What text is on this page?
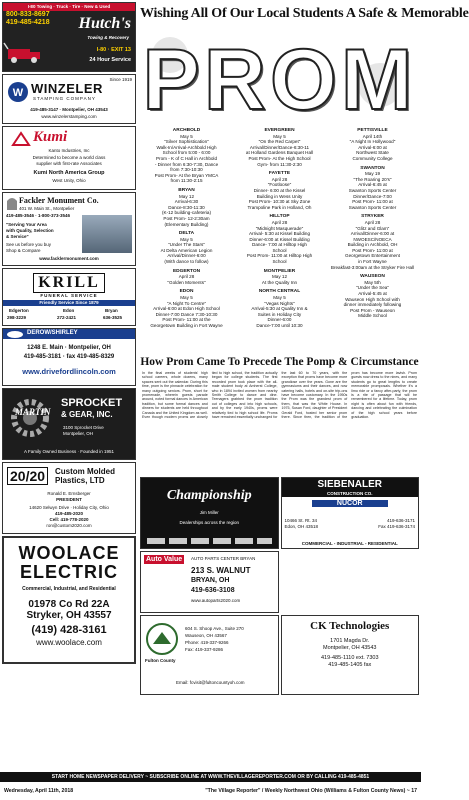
I-80 Towing · Truck · Tire · New & Used
800-833-8697
419-485-4218	Hutch's
Towing & Recovery
I-80 · EXIT 13
24 Hour Service
W WINZELER
STAMPING COMPANY
Since 1919
419-485-3147 · Montpelier, OH 43543
www.winzelerstamping.com
Kumi
Kanto Industries, Inc
Determined to become a world class
supplier with first-rate Associates
Kumi North America Group
West Unity, Ohio
Fackler Monument Co.
401 W. Main St., Montpelier
419-485-3546 · 1-800-373-3546
"Serving Your Area
with Quality, Selection
& Service"
See us before you buy
Shop & Compare
www.facklermonument.com
KRILL
FUNERAL SERVICE
Friendly Service Since 1879
Edgerton	Edon	Bryan
298-3229	272-2421	636-3525
DEROW/SHIRLEY
1248 E. Main · Montpelier, OH
419-485-3181 · fax 419-485-8329
www.drivefordlincoln.com
MARTIN
SPROCKET
& GEAR, INC.
3100 Sprocket Drive
Montpelier, OH
A Family Owned Business · Founded in 1951
20/20	Custom Molded
Plastics, LTD
Ronald E. Ernsberger
PRESIDENT
14620 Selwyn Drive · Holiday City, Ohio
419-485-2020
Cell: 419-778-2020
ron@custom2020.com
WOOLACE
ELECTRIC
Commercial, Industrial, and Residential
01978 Co Rd 22A
Stryker, OH 43557
(419) 428-3161
www.woolace.com
Wishing All Of Our Local Students A Safe & Memorable
PROM
ARCHBOLD
May 5
"Silver Sophistication"
Walk-In/Arrival-Archbold High
School from 5:00 - 6:00
Prom - K of C Hall in Archbold
- Dinner from 6:30-7:30, Dance
from 7:30-10:30
Post Prom- At the Bryan YMCA
from 11:30-2:15
BRYAN
May 12
Arrival-6:30
Dance-8:30-11:30
(K-12 building-cafeteria)
Post Prom- 12-2:30am
(Elementary Building)
DELTA
May 5
"Under The Stars"
At Delta American Legion
Arrival/Dinner-6:00
(With dance to follow)
EDGERTON
April 28
"Golden Moments"
EDON
May 5
"A Night To Centre"
Arrival-6:00 at Edon High School
Dinner-7:00 Dance 7:30-10:30
Post Prom- 11:00 at the
Georgetown Building in Fort Wayne
EVERGREEN
May 5
"On the Red Carpet"
Arrival/Dinner/Dance-6:30-11
at Holland Gardens Banquet Hall
Post Prom- At the High School
Gym- from 11:30-2:30
FAYETTE
April 28
"Footloose"
Dinner- 6:00 at the Kissel
Building in Wess Unity
Post Prom- 10:30 at Sky Zone
Trampoline Park in Holland, Oh
HILLTOP
April 28
"Midnight Masquerade"
Arrival- 5:30 at Kissel Building
Dinner-6:00 at Kissel Building
Dance- 7:00 at Hilltop High
School
Post Prom- 11:00 at Hilltop High
School
MONTPELIER
May 12
At the Quality Inn
NORTH CENTRAL
May 5
"Vegas Nights"
Arrival-5:30 at Quality Inn &
Suites in Holiday City
Dinner-6:00
Dance-7:00 until 10:30
PETTISVILLE
April 14th
"A Night In Hollywood"
Arrival-6:00 at
Northwest State
Community College
SWANTON
May 19
"The Roaring 20's"
Arrival-6:45 at
Swanton Sports Center
Dinner/Dance-7:00
Post Prom- 11:00 at
Swanton Sports Center
STRYKER
April 28
"Glitz and Glam"
Arrival/Dinner-6:00 at
NWOESC/NOECA
Building in Archbold, OH
Post Prom- 11:00 at
Georgetown Entertainment
in Fort Wayne
Breakfast-3:00am at the Stryker Fire Hall
WAUSEON
May 5th
"Under the Sea"
Arrival-5:45 at
Wauseon High School with
dinner immediately following
Post Prom - Wauseon
Middle School
How Prom Came To Precede The Pomp & Circumstance
In the final weeks of students' high school careers, whole dozens, many spaces sent out the calendar. During this time, prom is the pinnacle celebration for many outgoing seniors. Prom, short for promenade, wherein guests parade around, noted formal dances in American tradition, but some formal dances and dinners for students are held throughout Canada and the United Kingdom as well. Even though modern proms are closely tied to high school, the tradition actually began for college students. The first recorded prom took place with the all-male student body at Amherst College, who in 1894 invited women from nearby Smith College to dance and dine. Teenagers grabbed the prom tradition out of colleges and into high schools, and by the early 1940s, proms were relatively tied to high school life. Proms have remained essentially unchanged for the last 60 to 70 years, with the exception that proms have become more grandiose over the years. Gone are the gymnasiums and their dances, and now catering halls, hotels and on-site trip-ons have become customary. In the 1950s the Prom was the grandest prom of them, that was the White House. In 1975, Susan Ford, daughter of President Gerald Ford, hosted her senior prom there. Since then, the tradition of the prom has become more lavish. Prom guests now dress to the nines, and many students go to great lengths to create memorable promposals. Whether it's a limo ride or a fancy after-party, the prom is a rite of passage that will be remembered for a lifetime. Today, prom night is often about fun with friends, dancing and celebrating the culmination of the high school years before graduation.
Championship
Jim Miller
Dealerships across the region
SIEBENALER
CONSTRUCTION CO.
NUCOR
10466 St. Rt. 34
Edon, OH 43518
419-636-3171
Fax 419-636-3174
COMMERCIAL - INDUSTRIAL - RESIDENTIAL
Auto Value	AUTO PARTS CENTER BRYAN
213 S. WALNUT
BRYAN, OH
419-636-3108
www.autoparts2020.com
Fulton County
604 S. Shoop Ave., Suite 270
Wauseon, OH 43567
Phone: 419-337-9266
Fax: 419-337-9286
Email: fcvisit@fultoncountyoh.com
CK Technologies
1701 Magda Dr.
Montpelier, OH 43543
419-485-1110 ext. 7303
419-485-1405 fax
START HOME NEWSPAPER DELIVERY ~ SUBSCRIBE ONLINE AT WWW.THEVILLAGEREPORTER.COM OR BY CALLING 419-485-4851
Wednesday, April 11th, 2018	"The Village Reporter" / Weekly Northwest Ohio (Williams & Fulton County News) ~ 17
